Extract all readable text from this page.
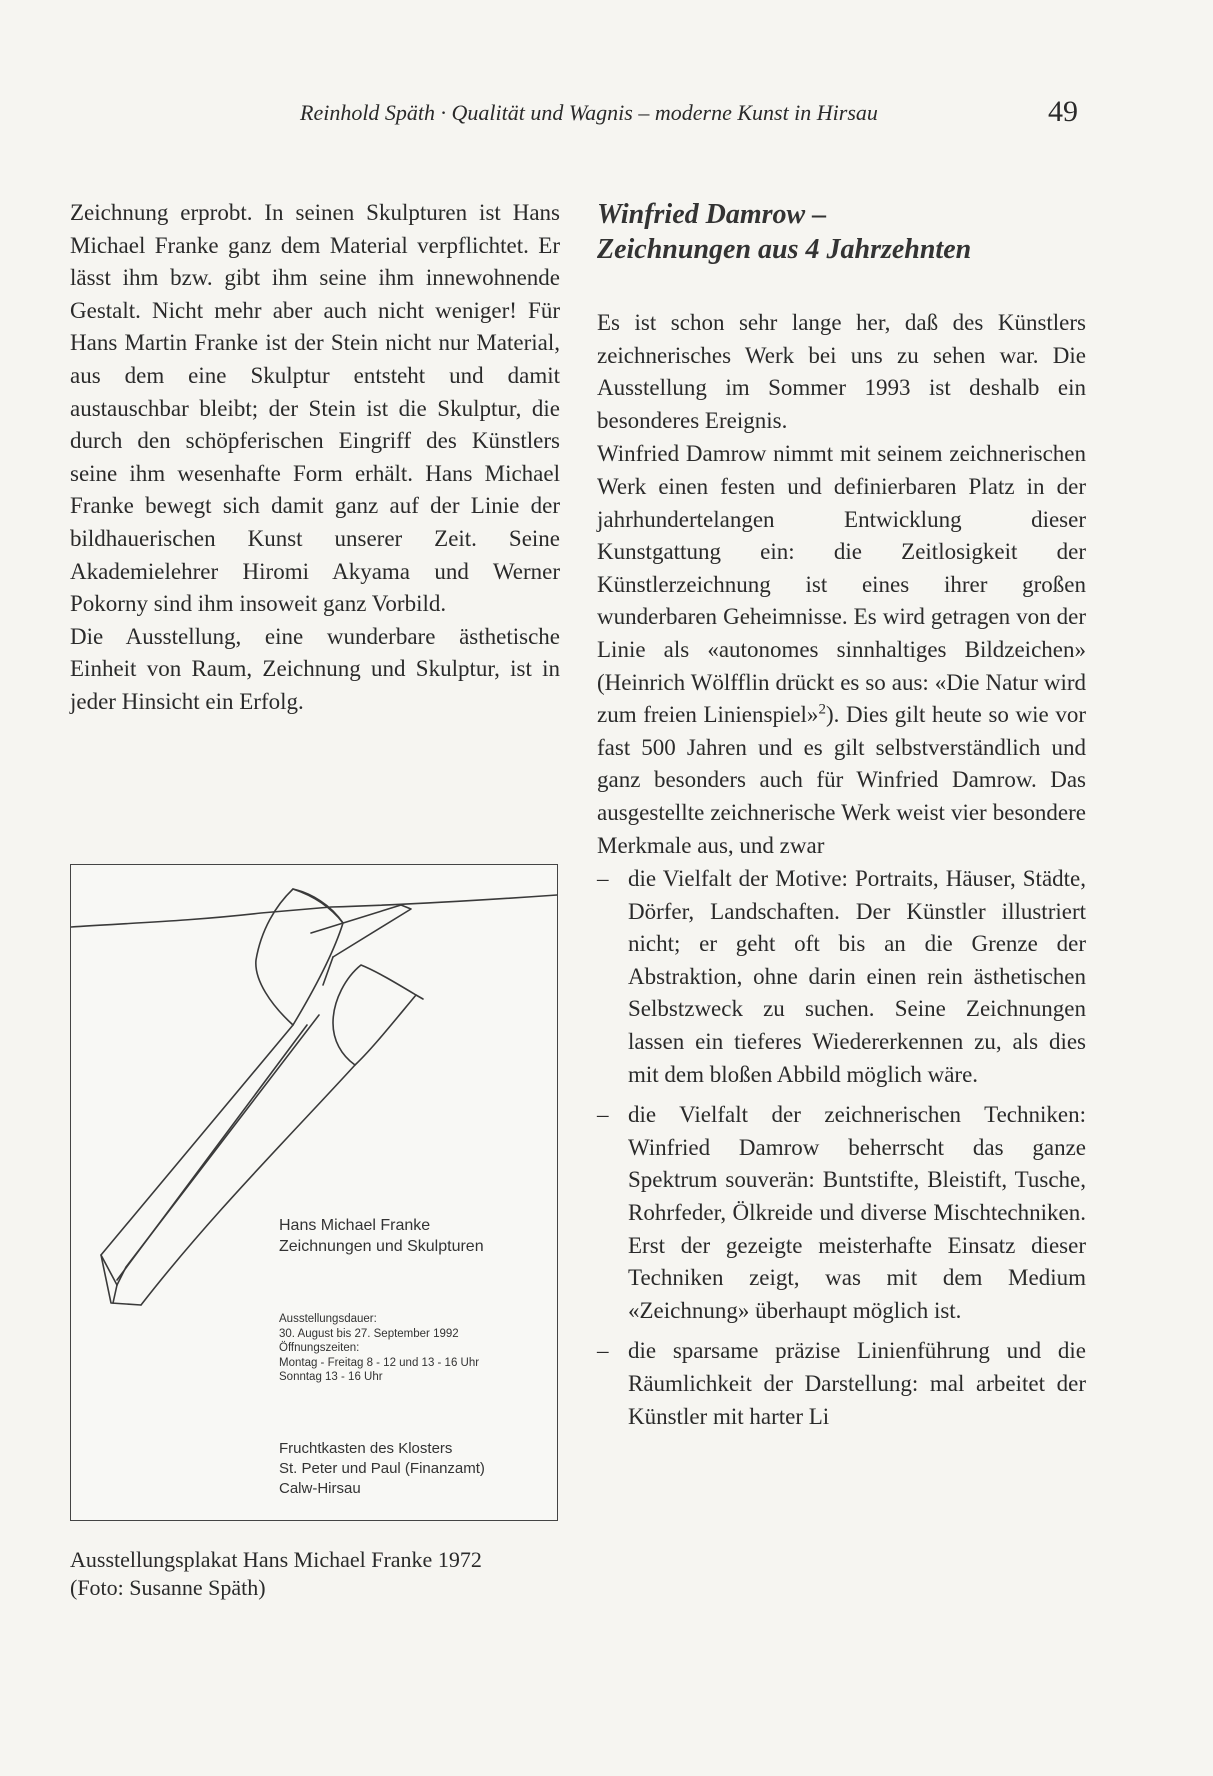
Reinhold Späth · Qualität und Wagnis – moderne Kunst in Hirsau	49

Zeichnung erprobt. In seinen Skulpturen ist Hans Michael Franke ganz dem Material verpflichtet. Er lässt ihm bzw. gibt ihm seine ihm innewohnende Gestalt. Nicht mehr aber auch nicht weniger! Für Hans Martin Franke ist der Stein nicht nur Material, aus dem eine Skulptur entsteht und damit austauschbar bleibt; der Stein ist die Skulptur, die durch den schöpferischen Eingriff des Künstlers seine ihm wesenhafte Form erhält. Hans Michael Franke bewegt sich damit ganz auf der Linie der bildhauerischen Kunst unserer Zeit. Seine Akademielehrer Hiromi Akyama und Werner Pokorny sind ihm insoweit ganz Vorbild.

Die Ausstellung, eine wunderbare ästhetische Einheit von Raum, Zeichnung und Skulptur, ist in jeder Hinsicht ein Erfolg.

Hans Michael Franke
Zeichnungen und Skulpturen
Ausstellungsdauer:
30. August bis 27. September 1992
Öffnungszeiten:
Montag - Freitag 8 - 12 und 13 - 16 Uhr
Sonntag 13 - 16 Uhr
Fruchtkasten des Klosters
St. Peter und Paul (Finanzamt)
Calw-Hirsau
Ausstellungsplakat Hans Michael Franke 1972
(Foto: Susanne Späth)
Winfried Damrow –
Zeichnungen aus 4 Jahrzehnten

Es ist schon sehr lange her, daß des Künstlers zeichnerisches Werk bei uns zu sehen war. Die Ausstellung im Sommer 1993 ist deshalb ein besonderes Ereignis.

Winfried Damrow nimmt mit seinem zeichnerischen Werk einen festen und definierbaren Platz in der jahrhundertelangen Entwicklung dieser Kunstgattung ein: die Zeitlosigkeit der Künstlerzeichnung ist eines ihrer großen wunderbaren Geheimnisse. Es wird getragen von der Linie als «autonomes sinnhaltiges Bildzeichen» (Heinrich Wölfflin drückt es so aus: «Die Natur wird zum freien Linienspiel»$^2$). Dies gilt heute so wie vor fast 500 Jahren und es gilt selbstverständlich und ganz besonders auch für Winfried Damrow. Das ausgestellte zeichnerische Werk weist vier besondere Merkmale aus, und zwar

– die Vielfalt der Motive: Portraits, Häuser, Städte, Dörfer, Landschaften. Der Künstler illustriert nicht; er geht oft bis an die Grenze der Abstraktion, ohne darin einen rein ästhetischen Selbstzweck zu suchen. Seine Zeichnungen lassen ein tieferes Wiedererkennen zu, als dies mit dem bloßen Abbild möglich wäre.
– die Vielfalt der zeichnerischen Techniken: Winfried Damrow beherrscht das ganze Spektrum souverän: Buntstifte, Bleistift, Tusche, Rohrfeder, Ölkreide und diverse Mischtechniken. Erst der gezeigte meisterhafte Einsatz dieser Techniken zeigt, was mit dem Medium «Zeichnung» überhaupt möglich ist.
– die sparsame präzise Linienführung und die Räumlichkeit der Darstellung: mal arbeitet der Künstler mit harter Li
